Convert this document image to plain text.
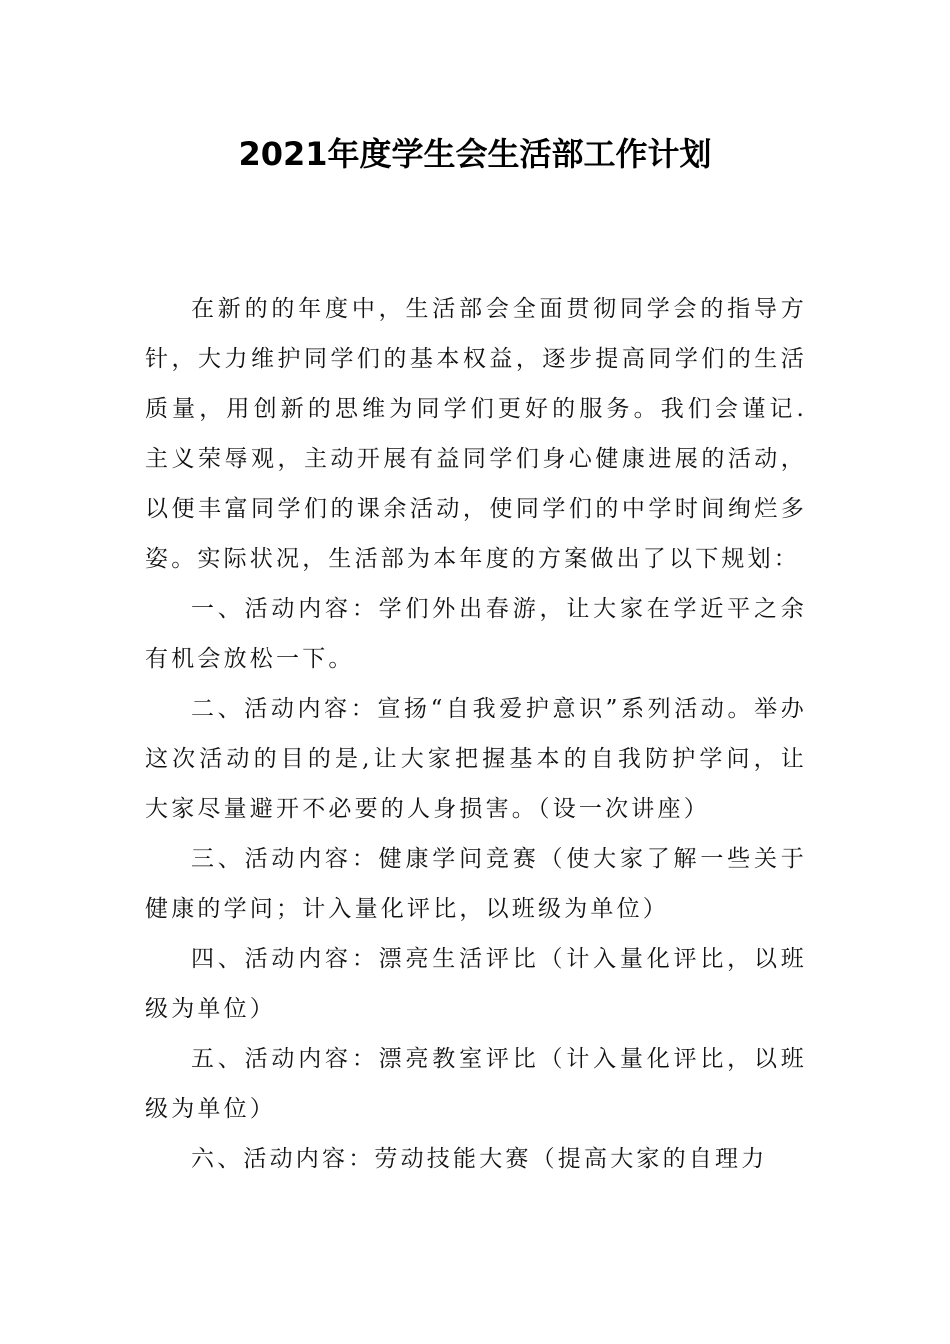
2021年度学生会生活部工作计划

在新的的年度中，生活部会全面贯彻同学会的指导方针，大力维护同学们的基本权益，逐步提高同学们的生活质量，用创新的思维为同学们更好的服务。我们会谨记.主义荣辱观，主动开展有益同学们身心健康进展的活动，以便丰富同学们的课余活动，使同学们的中学时间绚烂多姿。实际状况，生活部为本年度的方案做出了以下规划：

一、活动内容：学们外出春游，让大家在学近平之余有机会放松一下。

二、活动内容：宣扬“自我爱护意识”系列活动。举办这次活动的目的是,让大家把握基本的自我防护学问，让大家尽量避开不必要的人身损害。（设一次讲座）

三、活动内容：健康学问竞赛（使大家了解一些关于健康的学问；计入量化评比，以班级为单位）

四、活动内容：漂亮生活评比（计入量化评比，以班级为单位）

五、活动内容：漂亮教室评比（计入量化评比，以班级为单位）

六、活动内容：劳动技能大赛（提高大家的自理力
